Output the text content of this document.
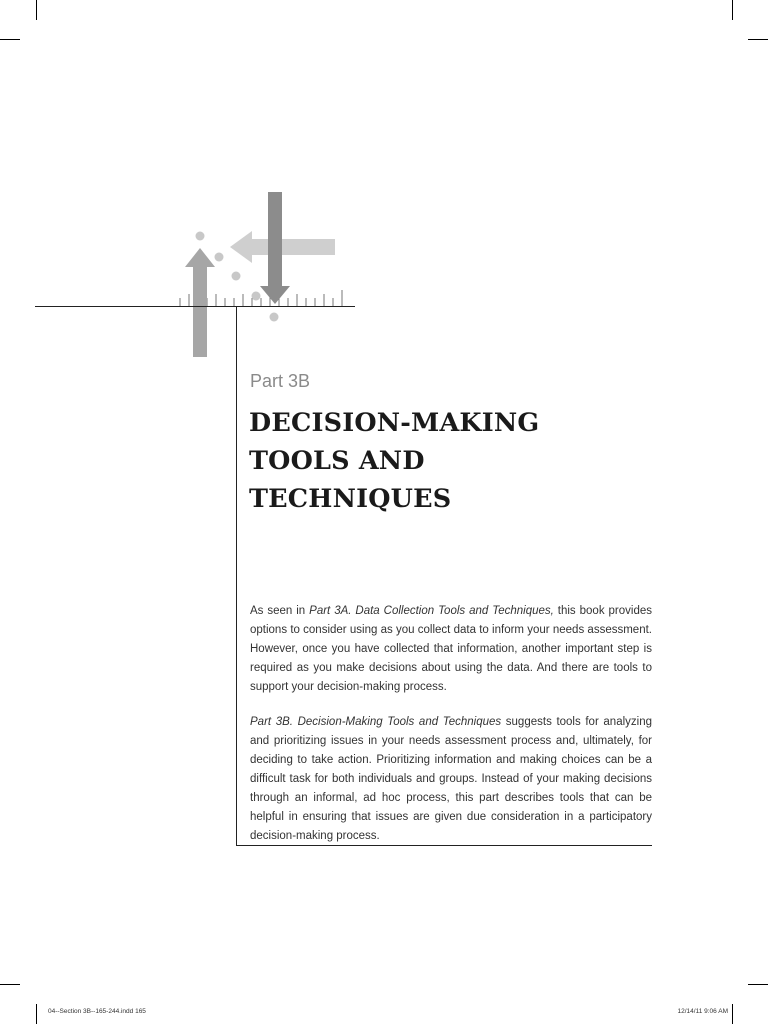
Part 3B
DECISION-MAKING
TOOLS AND
TECHNIQUES

As seen in Part 3A. Data Collection Tools and Techniques, this book provides options to consider using as you collect data to inform your needs assessment. However, once you have collected that information, another important step is required as you make decisions about using the data. And there are tools to support your decision-making process.

Part 3B. Decision-Making Tools and Techniques suggests tools for analyzing and prioritizing issues in your needs assessment process and, ultimately, for deciding to take action. Prioritizing information and making choices can be a difficult task for both individuals and groups. Instead of your making decisions through an informal, ad hoc process, this part describes tools that can be helpful in ensuring that issues are given due consideration in a participatory decision-making process.

04--Section 3B--165-244.indd 165	12/14/11 9:06 AM
